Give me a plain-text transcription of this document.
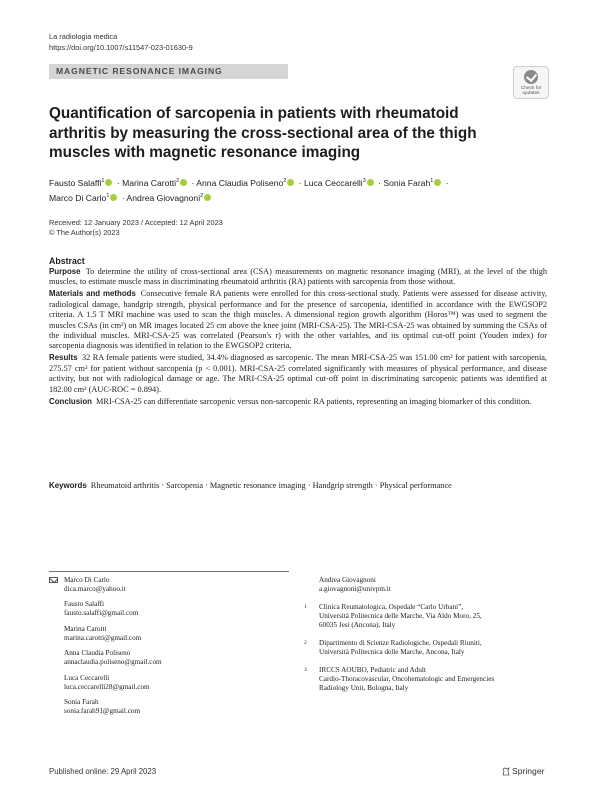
La radiologia medica
https://doi.org/10.1007/s11547-023-01630-9
MAGNETIC RESONANCE IMAGING
Check for
updates
Quantification of sarcopenia in patients with rheumatoid arthritis by measuring the cross-sectional area of the thigh muscles with magnetic resonance imaging
Fausto Salaffi$^1$ · Marina Carotti$^2$ · Anna Claudia Poliseno$^2$ · Luca Ceccarelli$^3$ · Sonia Farah$^1$ ·
Marco Di Carlo$^1$ · Andrea Giovagnoni$^2$
Received: 12 January 2023 / Accepted: 12 April 2023
© The Author(s) 2023
Abstract

Purpose To determine the utility of cross-sectional area (CSA) measurements on magnetic resonance imaging (MRI), at the level of the thigh muscles, to estimate muscle mass in discriminating rheumatoid arthritis (RA) patients with sarcopenia from those without.

Materials and methods Consecutive female RA patients were enrolled for this cross-sectional study. Patients were assessed for disease activity, radiological damage, handgrip strength, physical performance and for the presence of sarcopenia, identified in accordance with the EWGSOP2 criteria. A 1.5 T MRI machine was used to scan the thigh muscles. A dimensional region growth algorithm (Horos™) was used to segment the muscles CSAs (in cm²) on MR images located 25 cm above the knee joint (MRI-CSA-25). The MRI-CSA-25 was obtained by summing the CSAs of the individual muscles. MRI-CSA-25 was correlated (Pearson's r) with the other variables, and its optimal cut-off point (Youden index) for sarcopenia diagnosis was identified in relation to the EWGSOP2 criteria.

Results 32 RA female patients were studied, 34.4% diagnosed as sarcopenic. The mean MRI-CSA-25 was 151.00 cm² for patient with sarcopenia, 275.57 cm² for patient without sarcopenia (p < 0.001). MRI-CSA-25 correlated significantly with measures of physical performance, and disease activity, but not with radiological damage or age. The MRI-CSA-25 optimal cut-off point in discriminating sarcopenic patients was identified at 182.00 cm² (AUC-ROC = 0.894).

Conclusion MRI-CSA-25 can differentiate sarcopenic versus non-sarcopenic RA patients, representing an imaging biomarker of this condition.

Keywords Rheumatoid arthritis · Sarcopenia · Magnetic resonance imaging · Handgrip strength · Physical performance
Marco Di Carlo
dica.marco@yahoo.it
Fausto Salaffi
fausto.salaffi@gmail.com
Marina Carotti
marina.carotti@gmail.com
Anna Claudia Poliseno
annaclaudia.poliseno@gmail.com
Luca Ceccarelli
luca.ceccarelli28@gmail.com
Sonia Farah
sonia.farah91@gmail.com
Andrea Giovagnoni
a.giovagnoni@univpm.it
1 Clinica Reumatologica, Ospedale “Carlo Urbani”,
Università Politecnica delle Marche, Via Aldo Moro, 25,
60035 Jesi (Ancona), Italy
2 Dipartimento di Scienze Radiologiche, Ospedali Riuniti,
Università Politecnica delle Marche, Ancona, Italy
3 IRCCS AOUBO, Pediatric and Adult
Cardio-Thoracovascular, Oncohematologic and Emergencies
Radiology Unit, Bologna, Italy
Published online: 29 April 2023	Springer
